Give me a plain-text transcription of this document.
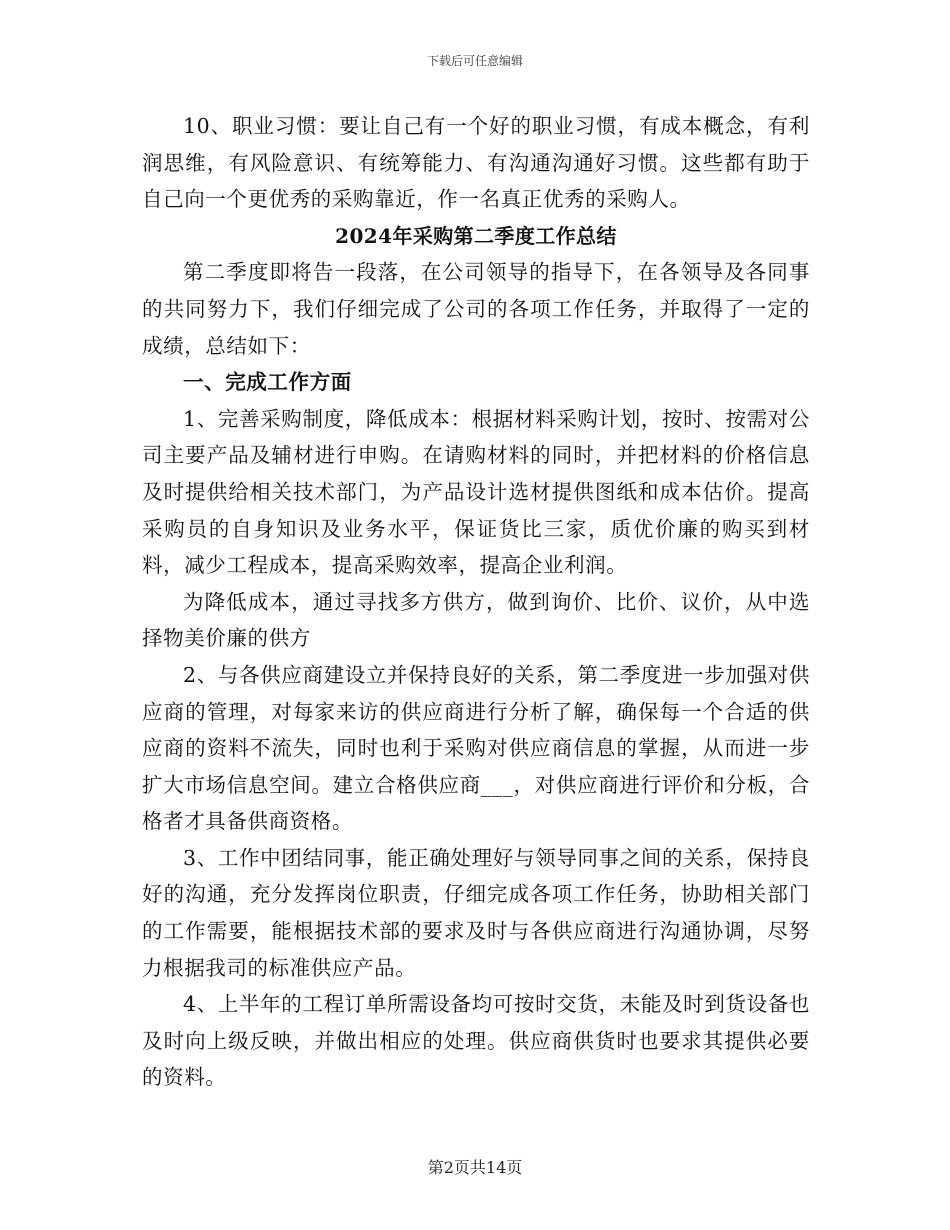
下载后可任意编辑

10、职业习惯：要让自己有一个好的职业习惯，有成本概念，有利润思维，有风险意识、有统筹能力、有沟通沟通好习惯。这些都有助于自己向一个更优秀的采购靠近，作一名真正优秀的采购人。

2024年采购第二季度工作总结

第二季度即将告一段落，在公司领导的指导下，在各领导及各同事的共同努力下，我们仔细完成了公司的各项工作任务，并取得了一定的成绩，总结如下：

一、完成工作方面

1、完善采购制度，降低成本：根据材料采购计划，按时、按需对公司主要产品及辅材进行申购。在请购材料的同时，并把材料的价格信息及时提供给相关技术部门，为产品设计选材提供图纸和成本估价。提高采购员的自身知识及业务水平，保证货比三家，质优价廉的购买到材料，减少工程成本，提高采购效率，提高企业利润。

为降低成本，通过寻找多方供方，做到询价、比价、议价，从中选择物美价廉的供方

2、与各供应商建设立并保持良好的关系，第二季度进一步加强对供应商的管理，对每家来访的供应商进行分析了解，确保每一个合适的供应商的资料不流失，同时也利于采购对供应商信息的掌握，从而进一步扩大市场信息空间。建立合格供应商___，对供应商进行评价和分板，合格者才具备供商资格。

3、工作中团结同事，能正确处理好与领导同事之间的关系，保持良好的沟通，充分发挥岗位职责，仔细完成各项工作任务，协助相关部门的工作需要，能根据技术部的要求及时与各供应商进行沟通协调，尽努力根据我司的标准供应产品。

4、上半年的工程订单所需设备均可按时交货，未能及时到货设备也及时向上级反映，并做出相应的处理。供应商供货时也要求其提供必要的资料。

第2页共14页
